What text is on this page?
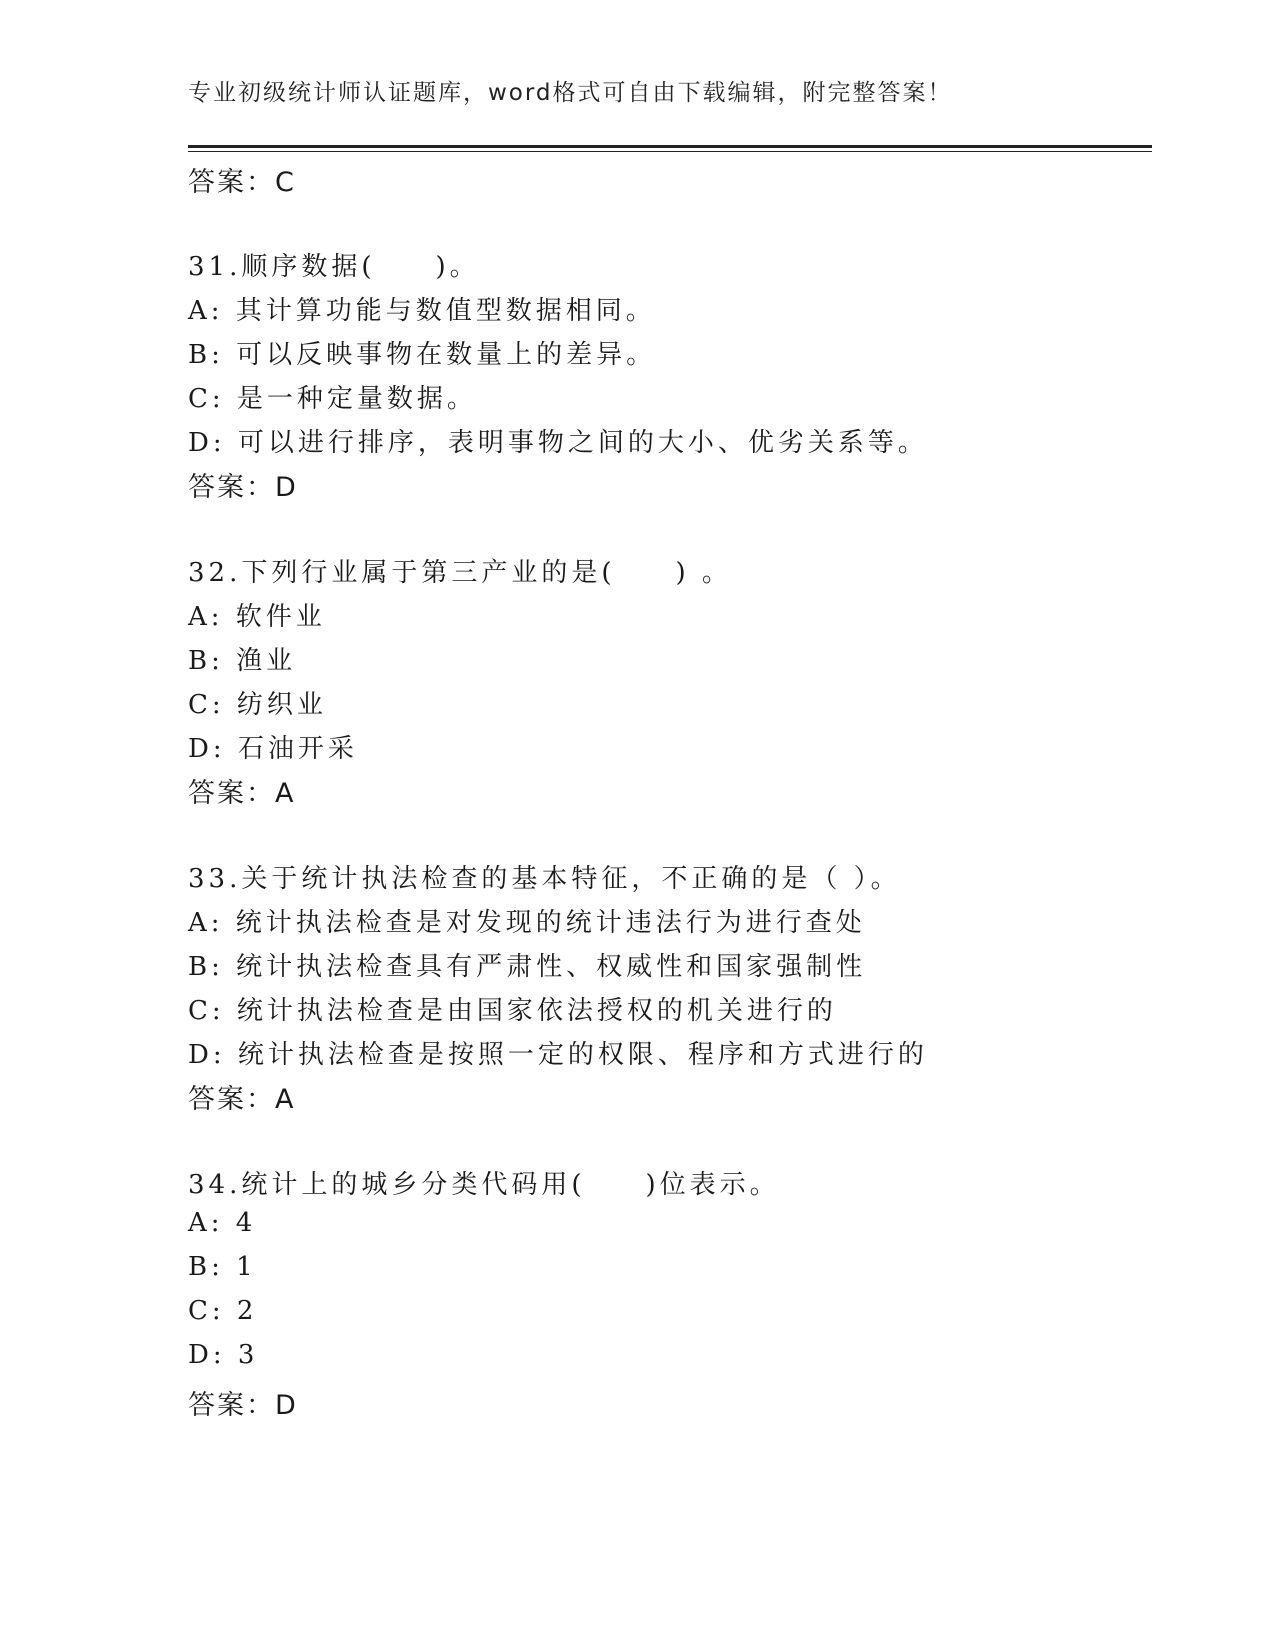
专业初级统计师认证题库，word格式可自由下载编辑，附完整答案！
答案：C
31.顺序数据(　　)。
A: 其计算功能与数值型数据相同。
B: 可以反映事物在数量上的差异。
C: 是一种定量数据。
D: 可以进行排序，表明事物之间的大小、优劣关系等。
答案：D
32.下列行业属于第三产业的是(　　) 。
A: 软件业
B: 渔业
C: 纺织业
D: 石油开采
答案：A
33.关于统计执法检查的基本特征，不正确的是（ ）。
A: 统计执法检查是对发现的统计违法行为进行查处
B: 统计执法检查具有严肃性、权威性和国家强制性
C: 统计执法检查是由国家依法授权的机关进行的
D: 统计执法检查是按照一定的权限、程序和方式进行的
答案：A
34.统计上的城乡分类代码用(　　)位表示。
A: 4
B: 1
C: 2
D: 3
答案：D
